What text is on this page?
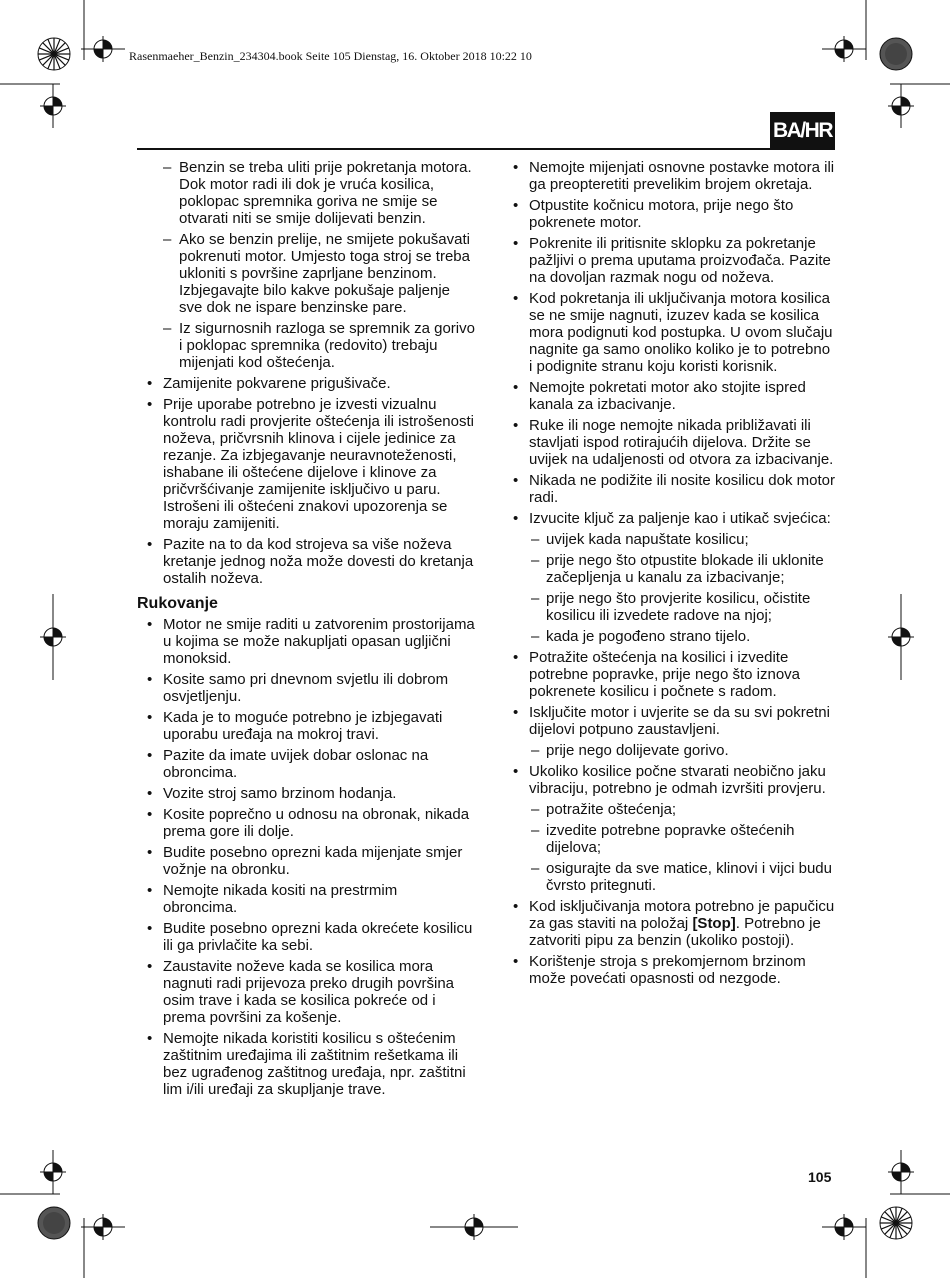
Rasenmaeher_Benzin_234304.book Seite 105 Dienstag, 16. Oktober 2018 10:22 10
BA/HR
– Benzin se treba uliti prije pokretanja motora. Dok motor radi ili dok je vruća kosilica, poklopac spremnika goriva ne smije se otvarati niti se smije dolijevati benzin.
– Ako se benzin prelije, ne smijete pokušavati pokrenuti motor. Umjesto toga stroj se treba ukloniti s površine zaprljane benzinom. Izbjegavajte bilo kakve pokušaje paljenje sve dok ne ispare benzinske pare.
– Iz sigurnosnih razloga se spremnik za gorivo i poklopac spremnika (redovito) trebaju mijenjati kod oštećenja.
• Zamijenite pokvarene prigušivače.
• Prije uporabe potrebno je izvesti vizualnu kontrolu radi provjerite oštećenja ili istrošenosti noževa, pričvrsnih klinova i cijele jedinice za rezanje. Za izbjegavanje neuravnoteženosti, ishabane ili oštećene dijelove i klinove za pričvršćivanje zamijenite isključivo u paru. Istrošeni ili oštećeni znakovi upozorenja se moraju zamijeniti.
• Pazite na to da kod strojeva sa više noževa kretanje jednog noža može dovesti do kretanja ostalih noževa.
Rukovanje
• Motor ne smije raditi u zatvorenim prostorijama u kojima se može nakupljati opasan ugljični monoksid.
• Kosite samo pri dnevnom svjetlu ili dobrom osvjetljenju.
• Kada je to moguće potrebno je izbjegavati uporabu uređaja na mokroj travi.
• Pazite da imate uvijek dobar oslonac na obroncima.
• Vozite stroj samo brzinom hodanja.
• Kosite poprečno u odnosu na obronak, nikada prema gore ili dolje.
• Budite posebno oprezni kada mijenjate smjer vožnje na obronku.
• Nemojte nikada kositi na prestrmim obroncima.
• Budite posebno oprezni kada okrećete kosilicu ili ga privlačite ka sebi.
• Zaustavite noževe kada se kosilica mora nagnuti radi prijevoza preko drugih površina osim trave i kada se kosilica pokreće od i prema površini za košenje.
• Nemojte nikada koristiti kosilicu s oštećenim zaštitnim uređajima ili zaštitnim rešetkama ili bez ugrađenog zaštitnog uređaja, npr. zaštitni lim i/ili uređaji za skupljanje trave.
• Nemojte mijenjati osnovne postavke motora ili ga preopteretiti prevelikim brojem okretaja.
• Otpustite kočnicu motora, prije nego što pokrenete motor.
• Pokrenite ili pritisnite sklopku za pokretanje pažljivi o prema uputama proizvođača. Pazite na dovoljan razmak nogu od noževa.
• Kod pokretanja ili uključivanja motora kosilica se ne smije nagnuti, izuzev kada se kosilica mora podignuti kod postupka. U ovom slučaju nagnite ga samo onoliko koliko je to potrebno i podignite stranu koju koristi korisnik.
• Nemojte pokretati motor ako stojite ispred kanala za izbacivanje.
• Ruke ili noge nemojte nikada približavati ili stavljati ispod rotirajućih dijelova. Držite se uvijek na udaljenosti od otvora za izbacivanje.
• Nikada ne podižite ili nosite kosilicu dok motor radi.
• Izvucite ključ za paljenje kao i utikač svjećica:
– uvijek kada napuštate kosilicu;
– prije nego što otpustite blokade ili uklonite začepljenja u kanalu za izbacivanje;
– prije nego što provjerite kosilicu, očistite kosilicu ili izvedete radove na njoj;
– kada je pogođeno strano tijelo.
• Potražite oštećenja na kosilici i izvedite potrebne popravke, prije nego što iznova pokrenete kosilicu i počnete s radom.
• Isključite motor i uvjerite se da su svi pokretni dijelovi potpuno zaustavljeni.
– prije nego dolijevate gorivo.
• Ukoliko kosilice počne stvarati neobično jaku vibraciju, potrebno je odmah izvršiti provjeru.
– potražite oštećenja;
– izvedite potrebne popravke oštećenih dijelova;
– osigurajte da sve matice, klinovi i vijci budu čvrsto pritegnuti.
• Kod isključivanja motora potrebno je papučicu za gas staviti na položaj [Stop]. Potrebno je zatvoriti pipu za benzin (ukoliko postoji).
• Korištenje stroja s prekomjernom brzinom može povećati opasnosti od nezgode.
105
